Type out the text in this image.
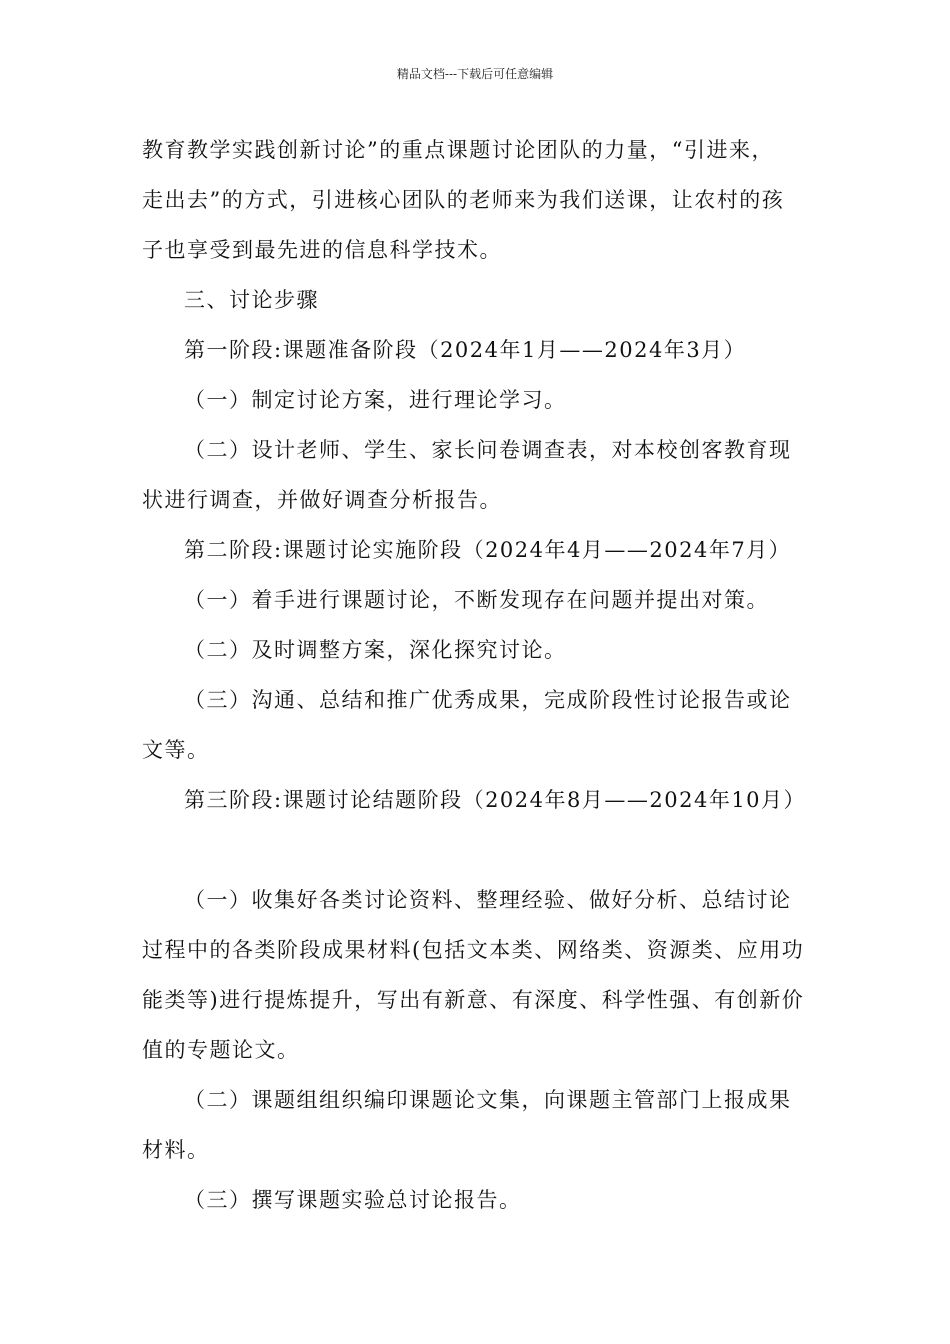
精品文档---下载后可任意编辑
教育教学实践创新讨论”的重点课题讨论团队的力量，“引进来，
走出去”的方式，引进核心团队的老师来为我们送课，让农村的孩
子也享受到最先进的信息科学技术。
三、讨论步骤
第一阶段:课题准备阶段（2024年1月——2024年3月）
（一）制定讨论方案，进行理论学习。
（二）设计老师、学生、家长问卷调查表，对本校创客教育现
状进行调查，并做好调查分析报告。
第二阶段:课题讨论实施阶段（2024年4月——2024年7月）
（一）着手进行课题讨论，不断发现存在问题并提出对策。
（二）及时调整方案，深化探究讨论。
（三）沟通、总结和推广优秀成果，完成阶段性讨论报告或论
文等。
第三阶段:课题讨论结题阶段（2024年8月——2024年10月）
（一）收集好各类讨论资料、整理经验、做好分析、总结讨论
过程中的各类阶段成果材料(包括文本类、网络类、资源类、应用功
能类等)进行提炼提升，写出有新意、有深度、科学性强、有创新价
值的专题论文。
（二）课题组组织编印课题论文集，向课题主管部门上报成果
材料。
（三）撰写课题实验总讨论报告。
